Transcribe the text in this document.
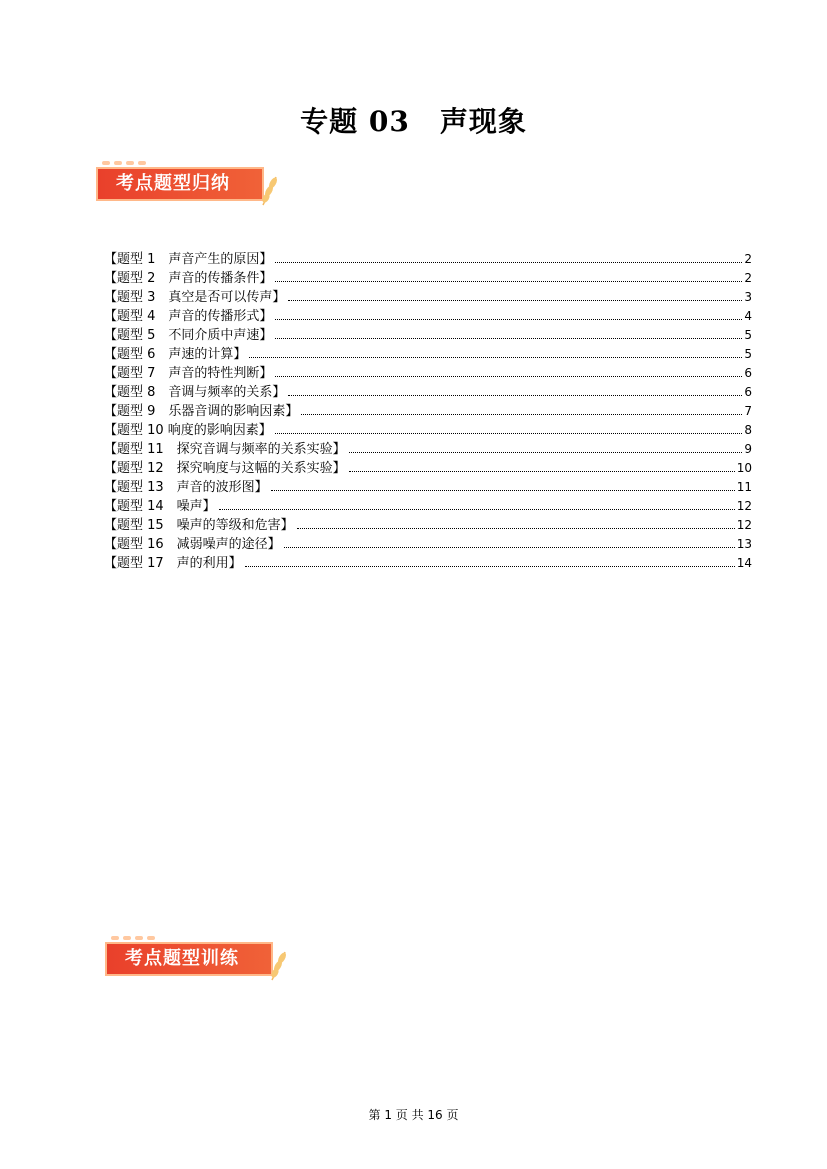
专题 03 声现象
考点题型归纳
【题型 1　声音产生的原因】	2
【题型 2　声音的传播条件】	2
【题型 3　真空是否可以传声】	3
【题型 4　声音的传播形式】	4
【题型 5　不同介质中声速】	5
【题型 6　声速的计算】	5
【题型 7　声音的特性判断】	6
【题型 8　音调与频率的关系】	6
【题型 9　乐器音调的影响因素】	7
【题型 10 响度的影响因素】	8
【题型 11　探究音调与频率的关系实验】	9
【题型 12　探究响度与这幅的关系实验】	10
【题型 13　声音的波形图】	11
【题型 14　噪声】	12
【题型 15　噪声的等级和危害】	12
【题型 16　减弱噪声的途径】	13
【题型 17　声的利用】	14
考点题型训练
第 1 页 共 16 页
